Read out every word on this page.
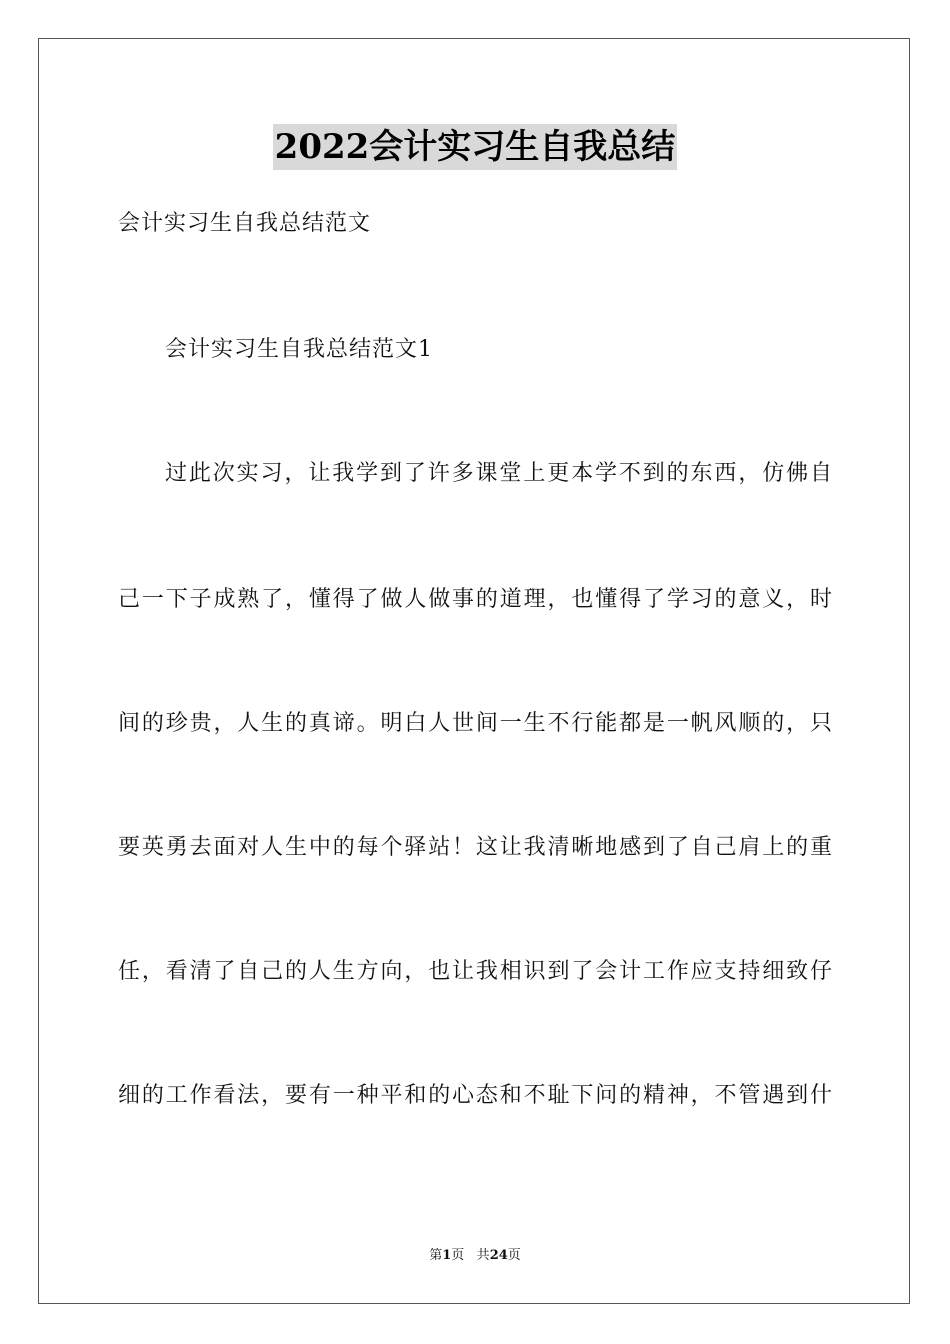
2022会计实习生自我总结
会计实习生自我总结范文
会计实习生自我总结范文1
过此次实习，让我学到了许多课堂上更本学不到的东西，仿佛自
己一下子成熟了，懂得了做人做事的道理，也懂得了学习的意义，时
间的珍贵，人生的真谛。明白人世间一生不行能都是一帆风顺的，只
要英勇去面对人生中的每个驿站！这让我清晰地感到了自己肩上的重
任，看清了自己的人生方向，也让我相识到了会计工作应支持细致仔
细的工作看法，要有一种平和的心态和不耻下问的精神，不管遇到什
第1页 共24页
